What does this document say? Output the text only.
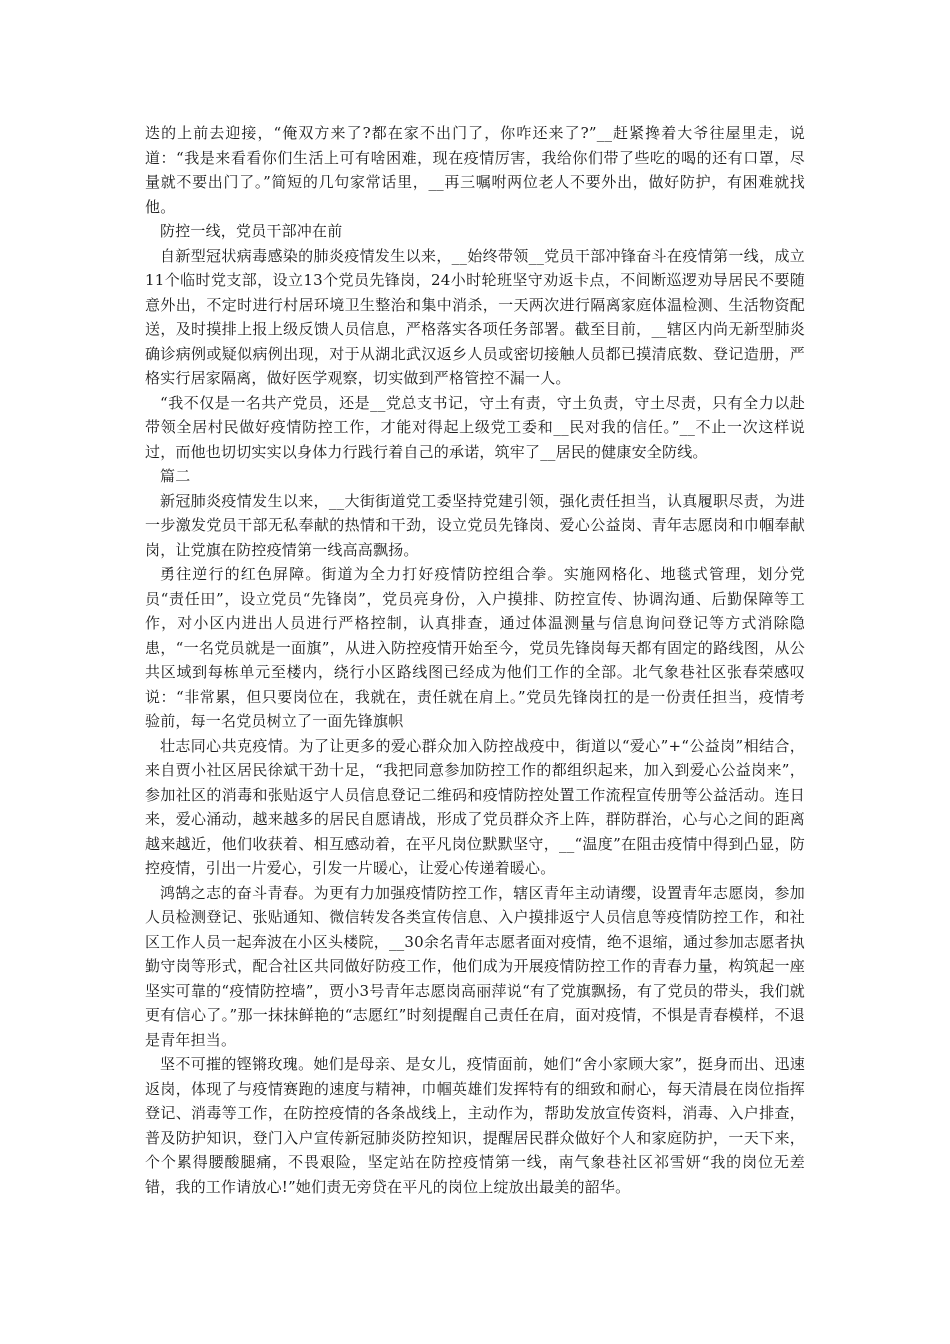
迭的上前去迎接，“俺双方来了?都在家不出门了，你咋还来了?”__赶紧搀着大爷往屋里走，说道：“我是来看看你们生活上可有啥困难，现在疫情厉害，我给你们带了些吃的喝的还有口罩，尽量就不要出门了。”简短的几句家常话里，__再三嘱咐两位老人不要外出，做好防护，有困难就找他。

防控一线，党员干部冲在前

自新型冠状病毒感染的肺炎疫情发生以来，__始终带领__党员干部冲锋奋斗在疫情第一线，成立11个临时党支部，设立13个党员先锋岗，24小时轮班坚守劝返卡点，不间断巡逻劝导居民不要随意外出，不定时进行村居环境卫生整治和集中消杀，一天两次进行隔离家庭体温检测、生活物资配送，及时摸排上报上级反馈人员信息，严格落实各项任务部署。截至目前，__辖区内尚无新型肺炎确诊病例或疑似病例出现，对于从湖北武汉返乡人员或密切接触人员都已摸清底数、登记造册，严格实行居家隔离，做好医学观察，切实做到严格管控不漏一人。

“我不仅是一名共产党员，还是__党总支书记，守土有责，守土负责，守土尽责，只有全力以赴带领全居村民做好疫情防控工作，才能对得起上级党工委和__民对我的信任。”__不止一次这样说过，而他也切切实实以身体力行践行着自己的承诺，筑牢了__居民的健康安全防线。

篇二

新冠肺炎疫情发生以来，__大街街道党工委坚持党建引领，强化责任担当，认真履职尽责，为进一步激发党员干部无私奉献的热情和干劲，设立党员先锋岗、爱心公益岗、青年志愿岗和巾帼奉献岗，让党旗在防控疫情第一线高高飘扬。

勇往逆行的红色屏障。街道为全力打好疫情防控组合拳。实施网格化、地毯式管理，划分党员“责任田”，设立党员“先锋岗”，党员亮身份，入户摸排、防控宣传、协调沟通、后勤保障等工作，对小区内进出人员进行严格控制，认真排查，通过体温测量与信息询问登记等方式消除隐患，“一名党员就是一面旗”，从进入防控疫情开始至今，党员先锋岗每天都有固定的路线图，从公共区域到每栋单元至楼内，绕行小区路线图已经成为他们工作的全部。北气象巷社区张春荣感叹说：“非常累，但只要岗位在，我就在，责任就在肩上。”党员先锋岗扛的是一份责任担当，疫情考验前，每一名党员树立了一面先锋旗帜

壮志同心共克疫情。为了让更多的爱心群众加入防控战疫中，街道以“爱心”+“公益岗”相结合，来自贾小社区居民徐斌干劲十足，“我把同意参加防控工作的都组织起来，加入到爱心公益岗来”，参加社区的消毒和张贴返宁人员信息登记二维码和疫情防控处置工作流程宣传册等公益活动。连日来，爱心涌动，越来越多的居民自愿请战，形成了党员群众齐上阵，群防群治，心与心之间的距离越来越近，他们收获着、相互感动着，在平凡岗位默默坚守，__“温度”在阻击疫情中得到凸显，防控疫情，引出一片爱心，引发一片暖心，让爱心传递着暖心。

鸿鹄之志的奋斗青春。为更有力加强疫情防控工作，辖区青年主动请缨，设置青年志愿岗，参加人员检测登记、张贴通知、微信转发各类宣传信息、入户摸排返宁人员信息等疫情防控工作，和社区工作人员一起奔波在小区头楼院，__30余名青年志愿者面对疫情，绝不退缩，通过参加志愿者执勤守岗等形式，配合社区共同做好防疫工作，他们成为开展疫情防控工作的青春力量，构筑起一座坚实可靠的“疫情防控墙”，贾小3号青年志愿岗高丽萍说“有了党旗飘扬，有了党员的带头，我们就更有信心了。”那一抹抹鲜艳的“志愿红”时刻提醒自己责任在肩，面对疫情，不惧是青春模样，不退是青年担当。

坚不可摧的铿锵玫瑰。她们是母亲、是女儿，疫情面前，她们“舍小家顾大家”，挺身而出、迅速返岗，体现了与疫情赛跑的速度与精神，巾帼英雄们发挥特有的细致和耐心，每天清晨在岗位指挥登记、消毒等工作，在防控疫情的各条战线上，主动作为，帮助发放宣传资料，消毒、入户排查，普及防护知识，登门入户宣传新冠肺炎防控知识，提醒居民群众做好个人和家庭防护，一天下来，个个累得腰酸腿痛，不畏艰险，坚定站在防控疫情第一线，南气象巷社区祁雪妍“我的岗位无差错，我的工作请放心!”她们责无旁贷在平凡的岗位上绽放出最美的韶华。
